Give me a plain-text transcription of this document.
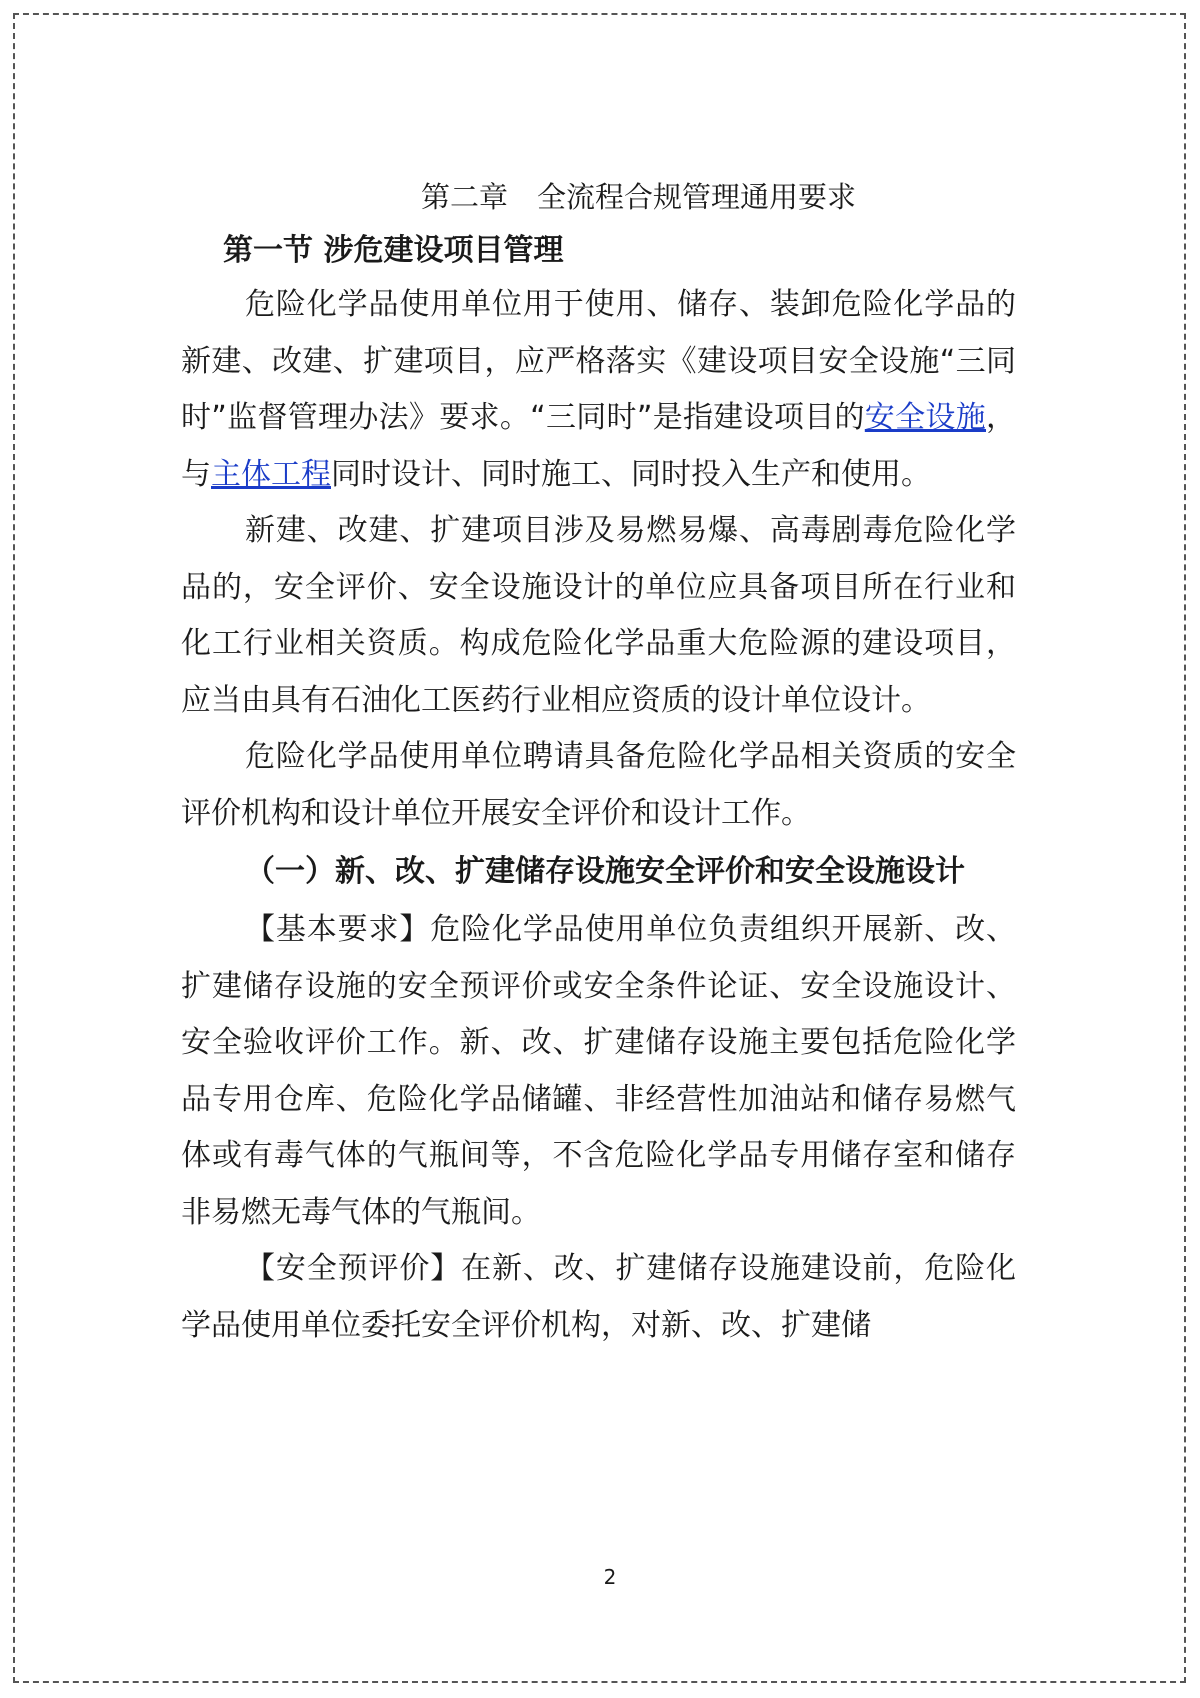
第二章　全流程合规管理通用要求
第一节 涉危建设项目管理

危险化学品使用单位用于使用、储存、装卸危险化学品的新建、改建、扩建项目，应严格落实《建设项目安全设施“三同时”监督管理办法》要求。“三同时”是指建设项目的安全设施，与主体工程同时设计、同时施工、同时投入生产和使用。

新建、改建、扩建项目涉及易燃易爆、高毒剧毒危险化学品的，安全评价、安全设施设计的单位应具备项目所在行业和化工行业相关资质。构成危险化学品重大危险源的建设项目，应当由具有石油化工医药行业相应资质的设计单位设计。

危险化学品使用单位聘请具备危险化学品相关资质的安全评价机构和设计单位开展安全评价和设计工作。

（一）新、改、扩建储存设施安全评价和安全设施设计

【基本要求】危险化学品使用单位负责组织开展新、改、扩建储存设施的安全预评价或安全条件论证、安全设施设计、安全验收评价工作。新、改、扩建储存设施主要包括危险化学品专用仓库、危险化学品储罐、非经营性加油站和储存易燃气体或有毒气体的气瓶间等，不含危险化学品专用储存室和储存非易燃无毒气体的气瓶间。

【安全预评价】在新、改、扩建储存设施建设前，危险化学品使用单位委托安全评价机构，对新、改、扩建储

2
